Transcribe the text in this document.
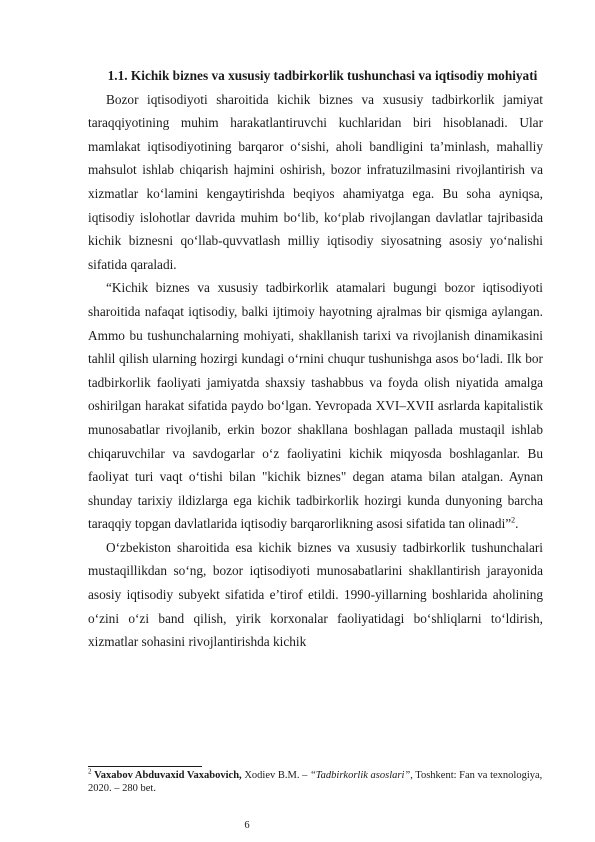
1.1. Kichik biznes va xususiy tadbirkorlik tushunchasi va iqtisodiy mohiyati

Bozor iqtisodiyoti sharoitida kichik biznes va xususiy tadbirkorlik jamiyat taraqqiyotining muhim harakatlantiruvchi kuchlaridan biri hisoblanadi. Ular mamlakat iqtisodiyotining barqaror o‘sishi, aholi bandligini ta’minlash, mahalliy mahsulot ishlab chiqarish hajmini oshirish, bozor infratuzilmasini rivojlantirish va xizmatlar ko‘lamini kengaytirishda beqiyos ahamiyatga ega. Bu soha ayniqsa, iqtisodiy islohotlar davrida muhim bo‘lib, ko‘plab rivojlangan davlatlar tajribasida kichik biznesni qo‘llab-quvvatlash milliy iqtisodiy siyosatning asosiy yo‘nalishi sifatida qaraladi.

“Kichik biznes va xususiy tadbirkorlik atamalari bugungi bozor iqtisodiyoti sharoitida nafaqat iqtisodiy, balki ijtimoiy hayotning ajralmas bir qismiga aylangan. Ammo bu tushunchalarning mohiyati, shakllanish tarixi va rivojlanish dinamikasini tahlil qilish ularning hozirgi kundagi o‘rnini chuqur tushunishga asos bo‘ladi. Ilk bor tadbirkorlik faoliyati jamiyatda shaxsiy tashabbus va foyda olish niyatida amalga oshirilgan harakat sifatida paydo bo‘lgan. Yevropada XVI–XVII asrlarda kapitalistik munosabatlar rivojlanib, erkin bozor shakllana boshlagan pallada mustaqil ishlab chiqaruvchilar va savdogarlar o‘z faoliyatini kichik miqyosda boshlaganlar. Bu faoliyat turi vaqt o‘tishi bilan "kichik biznes" degan atama bilan atalgan. Aynan shunday tarixiy ildizlarga ega kichik tadbirkorlik hozirgi kunda dunyoning barcha taraqqiy topgan davlatlarida iqtisodiy barqarorlikning asosi sifatida tan olinadi”$^2$.

O‘zbekiston sharoitida esa kichik biznes va xususiy tadbirkorlik tushunchalari mustaqillikdan so‘ng, bozor iqtisodiyoti munosabatlarini shakllantirish jarayonida asosiy iqtisodiy subyekt sifatida e’tirof etildi. 1990-yillarning boshlarida aholining o‘zini o‘zi band qilish, yirik korxonalar faoliyatidagi bo‘shliqlarni to‘ldirish, xizmatlar sohasini rivojlantirishda kichik

$^2$ Vaxabov Abduvaxid Vaxabovich, Xodiev B.M. – “Tadbirkorlik asoslari”, Toshkent: Fan va texnologiya, 2020. – 280 bet.
6
